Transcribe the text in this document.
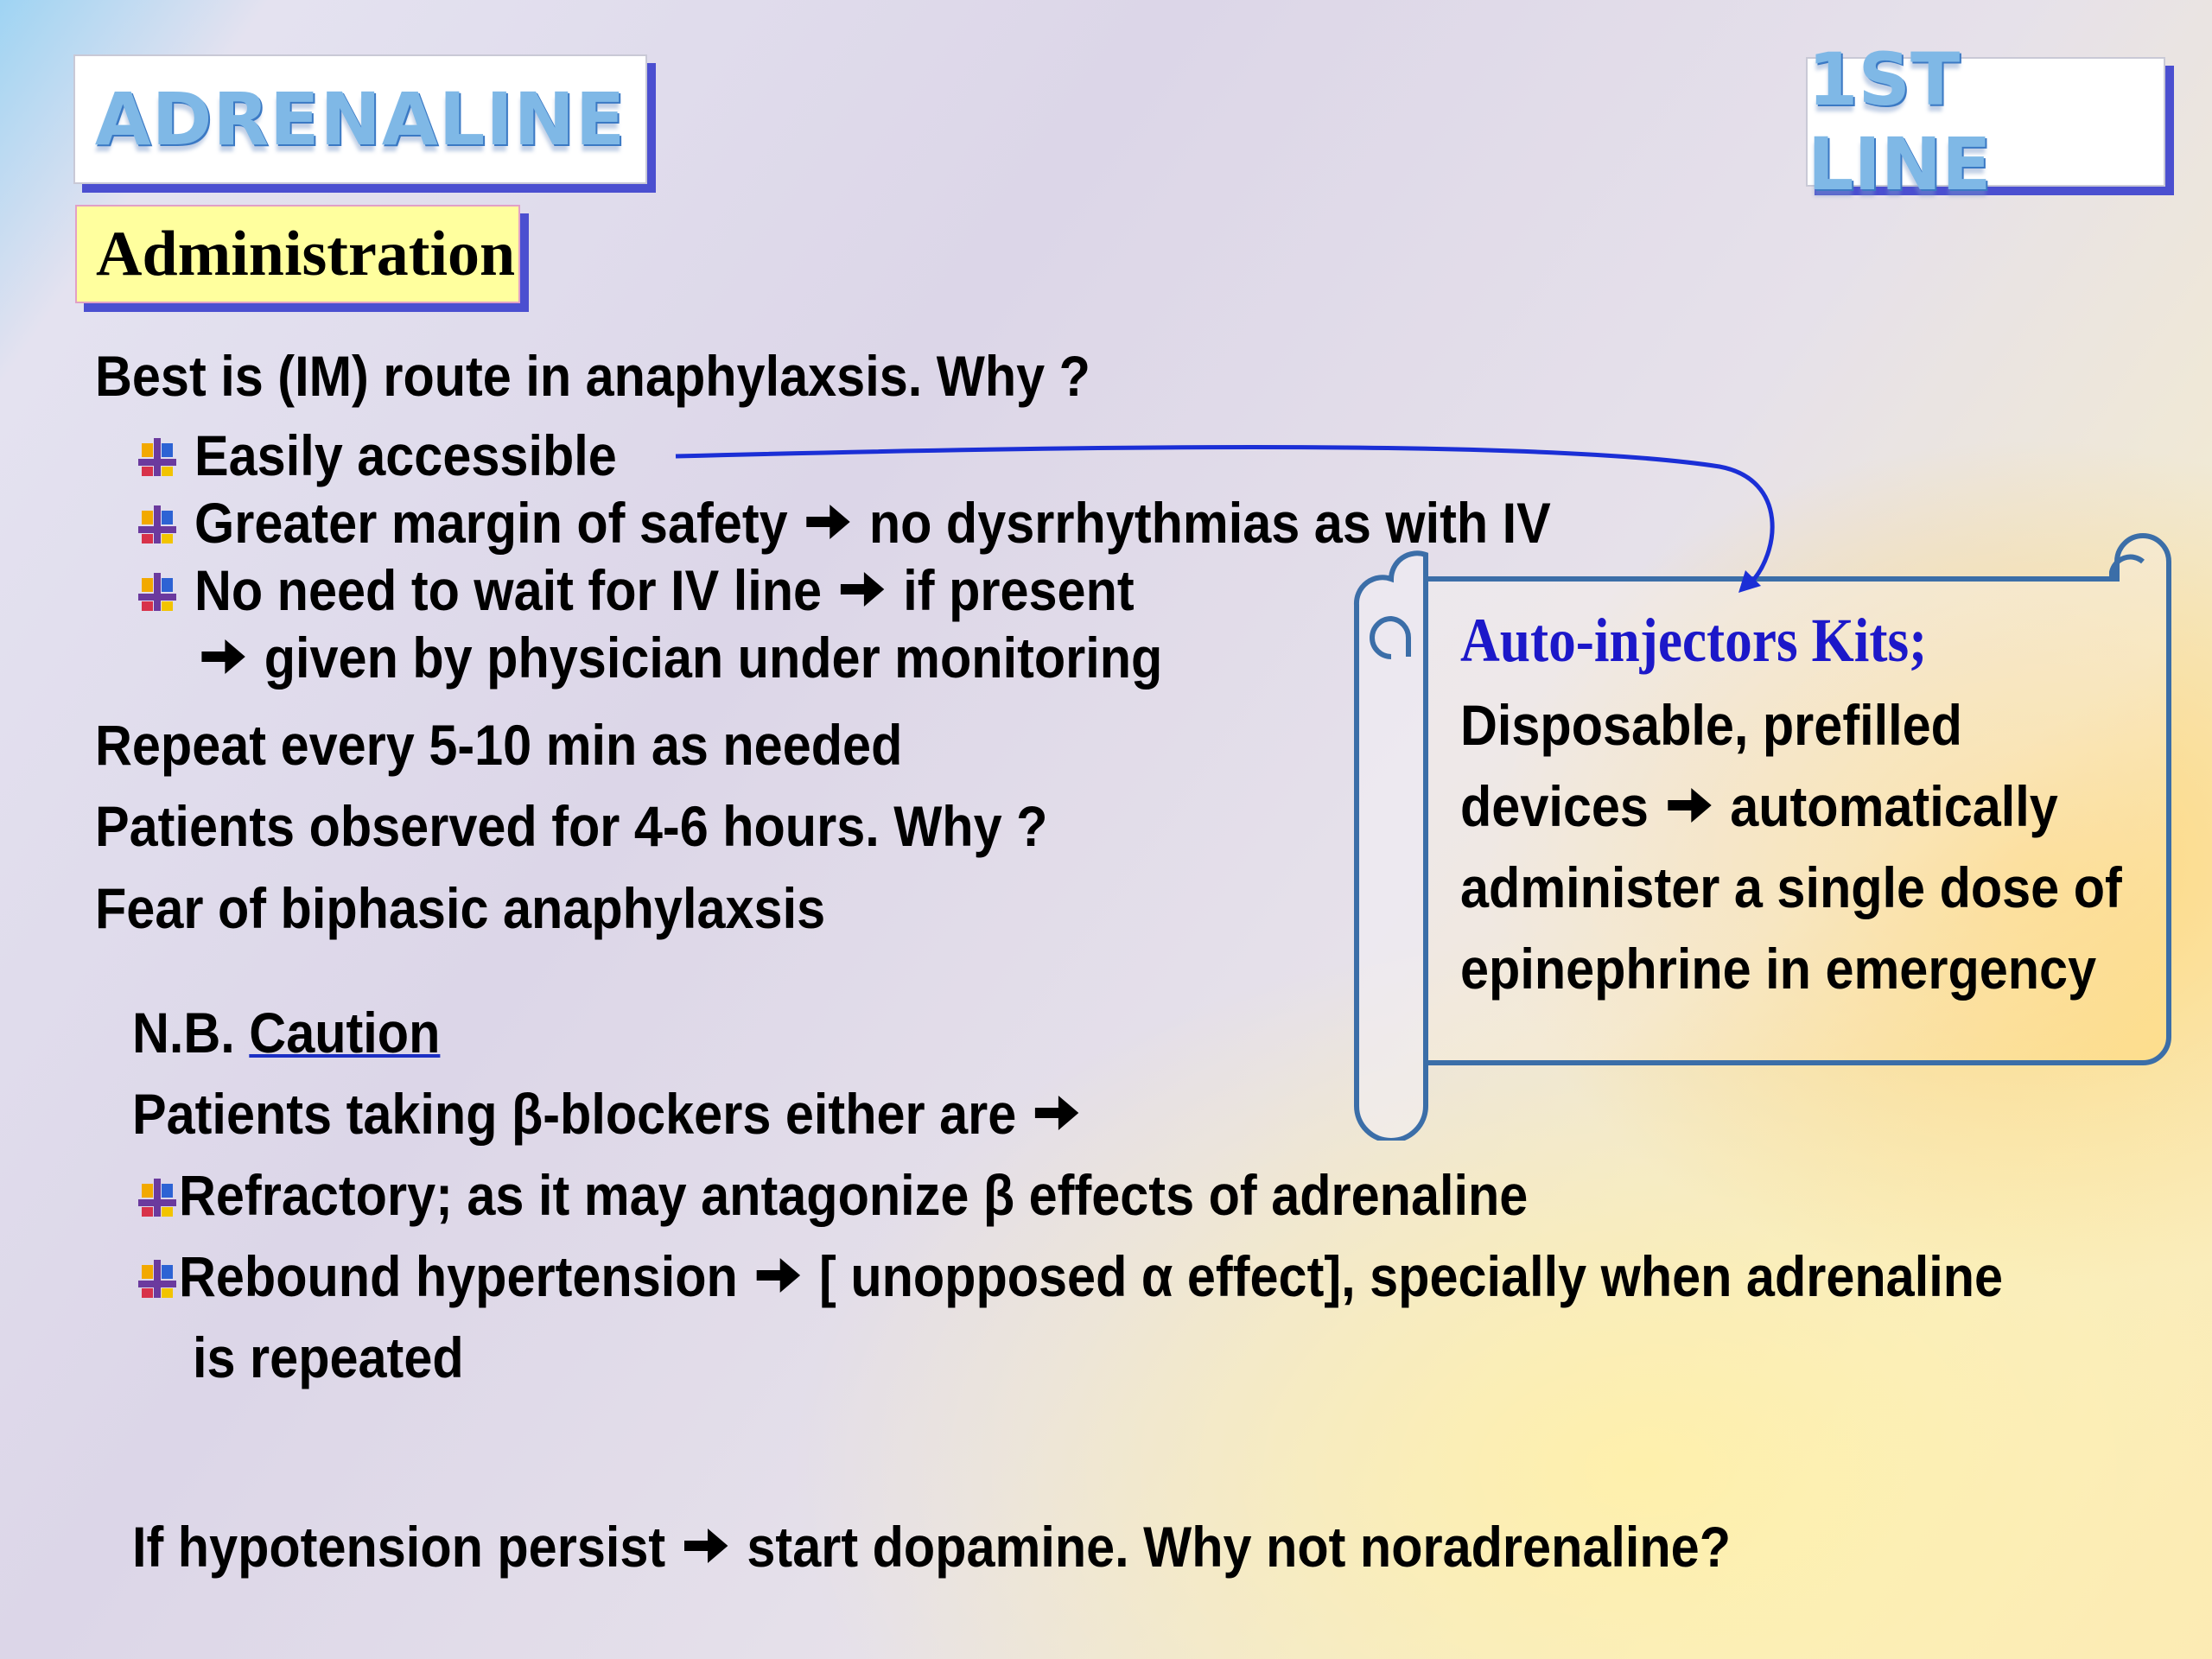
ADRENALINE	1ST LINE
Administration
Best is (IM) route in anaphylaxsis. Why ?
Easily accessible
Greater margin of safety no dysrrhythmias as with IV
No need to wait for IV line if present
given by physician under monitoring
Repeat every 5-10 min as needed
Patients observed for 4-6 hours. Why ?
Fear of biphasic anaphylaxsis
N.B. Caution
Patients taking β-blockers either are
Refractory; as it may antagonize β effects of adrenaline
Rebound hypertension [ unopposed α effect], specially when adrenaline
is repeated
If hypotension persist start dopamine. Why not noradrenaline?
Auto-injectors Kits;
Disposable, prefilled
devices automatically
administer a single dose of
epinephrine in emergency
